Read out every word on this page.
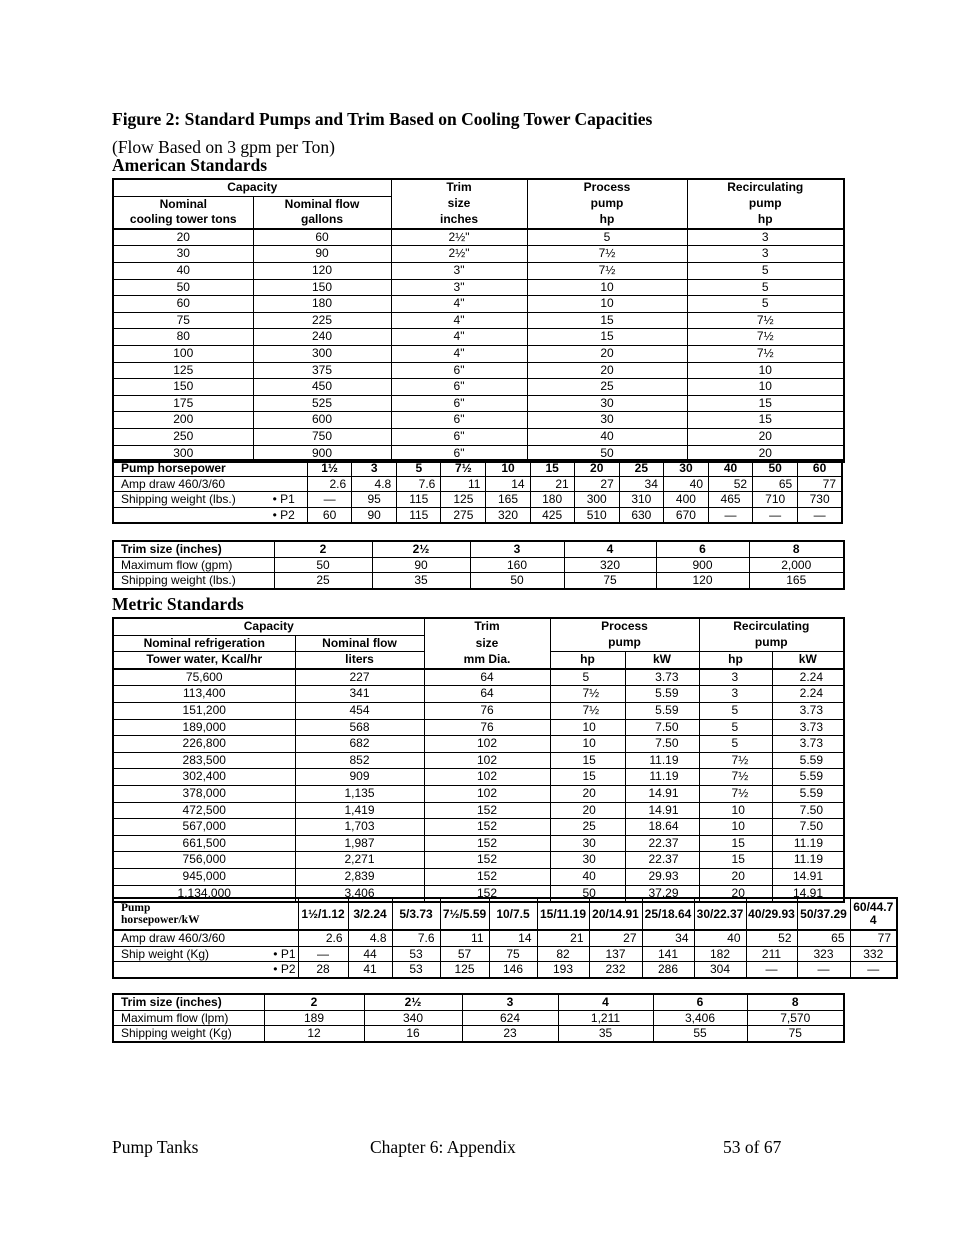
Figure 2: Standard Pumps and Trim Based on Cooling Tower Capacities
(Flow Based on 3 gpm per Ton)
American Standards
Capacity		Trim	Process	Recirculating
Nominal	Nominal flow	size	pump	pump
cooling tower tons	gallons	inches	hp	hp
20	60	2½"	5	3
30	90	2½"	7½	3
40	120	3"	7½	5
50	150	3"	10	5
60	180	4"	10	5
75	225	4"	15	7½
80	240	4"	15	7½
100	300	4"	20	7½
125	375	6"	20	10
150	450	6"	25	10
175	525	6"	30	15
200	600	6"	30	15
250	750	6"	40	20
300	900	6"	50	20
Pump horsepower		1½	3	5	7½	10	15	20	25	30	40	50	60
Amp draw 460/3/60		2.6	4.8	7.6	11	14	21	27	34	40	52	65	77
Shipping weight (lbs.)	• P1	—	95	115	125	165	180	300	310	400	465	710	730
	• P2	60	90	115	275	320	425	510	630	670	—	—	—
Trim size (inches)	2	2½	3	4	6	8
Maximum flow (gpm)	50	90	160	320	900	2,000
Shipping weight (lbs.)	25	35	50	75	120	165
Metric Standards
Capacity		Trim	Process		Recirculating	
Nominal refrigeration	Nominal flow	size	pump		pump	
Tower water, Kcal/hr	liters	mm Dia.	hp	kW	hp	kW
75,600	227	64	5	3.73	3	2.24
113,400	341	64	7½	5.59	3	2.24
151,200	454	76	7½	5.59	5	3.73
189,000	568	76	10	7.50	5	3.73
226,800	682	102	10	7.50	5	3.73
283,500	852	102	15	11.19	7½	5.59
302,400	909	102	15	11.19	7½	5.59
378,000	1,135	102	20	14.91	7½	5.59
472,500	1,419	152	20	14.91	10	7.50
567,000	1,703	152	25	18.64	10	7.50
661,500	1,987	152	30	22.37	15	11.19
756,000	2,271	152	30	22.37	15	11.19
945,000	2,839	152	40	29.93	20	14.91
1,134,000	3,406	152	50	37.29	20	14.91
Pump
horsepower/kW		1½/1.12	3/2.24	5/3.73	7½/5.59	10/7.5	15/11.19	20/14.91	25/18.64	30/22.37	40/29.93	50/37.29	60/44.7 4
Amp draw 460/3/60		2.6	4.8	7.6	11	14	21	27	34	40	52	65	77
Ship weight (Kg)	• P1	—	44	53	57	75	82	137	141	182	211	323	332
	• P2	28	41	53	125	146	193	232	286	304	—	—	—
Trim size (inches)	2	2½	3	4	6	8
Maximum flow (lpm)	189	340	624	1,211	3,406	7,570
Shipping weight (Kg)	12	16	23	35	55	75
Pump Tanks	Chapter 6: Appendix	53 of 67
